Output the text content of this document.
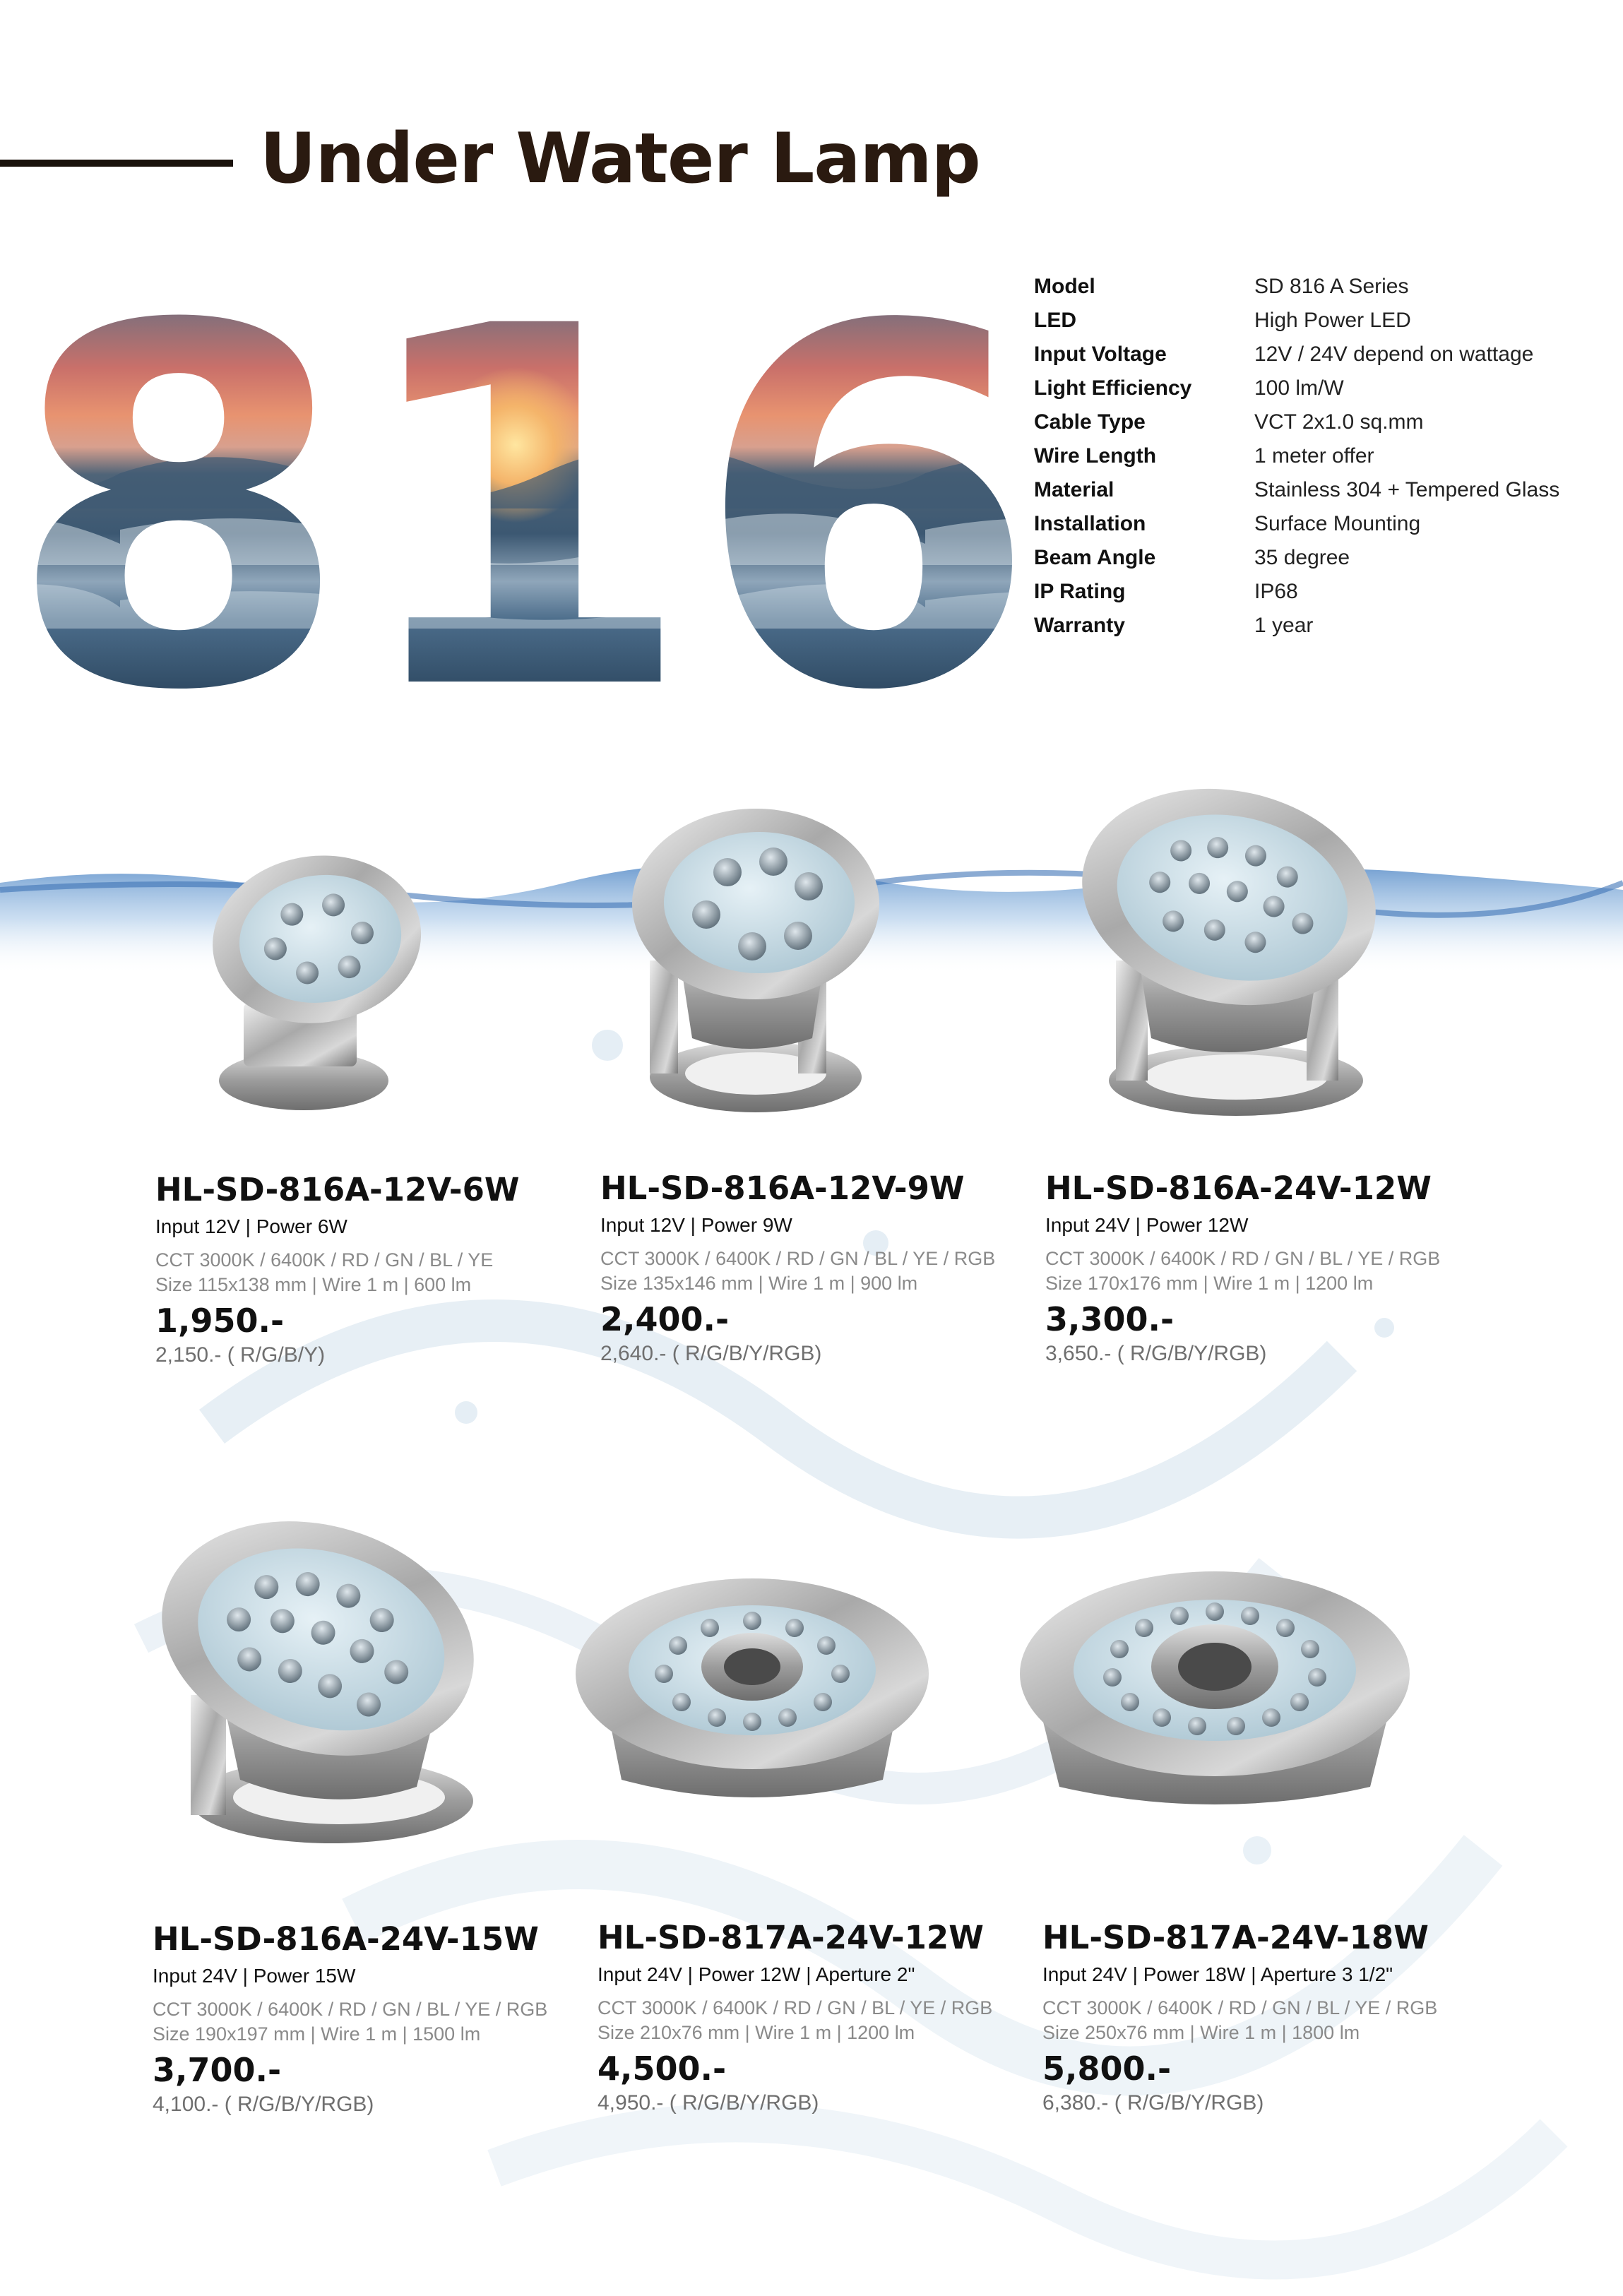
Under Water Lamp
816
Model	SD 816 A Series
LED	High Power LED
Input Voltage	12V / 24V depend on wattage
Light Efficiency	100 lm/W
Cable Type	VCT 2x1.0 sq.mm
Wire Length	1 meter offer
Material	Stainless 304 + Tempered Glass
Installation	Surface Mounting
Beam Angle	35 degree
IP Rating	IP68
Warranty	1 year
HL-SD-816A-12V-6W
Input 12V | Power 6W
CCT 3000K / 6400K / RD / GN / BL / YE
Size 115x138 mm | Wire 1 m | 600 lm
1,950.-
2,150.- ( R/G/B/Y)
HL-SD-816A-12V-9W
Input 12V | Power 9W
CCT 3000K / 6400K / RD / GN / BL / YE / RGB
Size 135x146 mm | Wire 1 m | 900 lm
2,400.-
2,640.- ( R/G/B/Y/RGB)
HL-SD-816A-24V-12W
Input 24V | Power 12W
CCT 3000K / 6400K / RD / GN / BL / YE / RGB
Size 170x176 mm | Wire 1 m | 1200 lm
3,300.-
3,650.- ( R/G/B/Y/RGB)
HL-SD-816A-24V-15W
Input 24V | Power 15W
CCT 3000K / 6400K / RD / GN / BL / YE / RGB
Size 190x197 mm | Wire 1 m | 1500 lm
3,700.-
4,100.- ( R/G/B/Y/RGB)
HL-SD-817A-24V-12W
Input 24V | Power 12W | Aperture 2"
CCT 3000K / 6400K / RD / GN / BL / YE / RGB
Size 210x76 mm | Wire 1 m | 1200 lm
4,500.-
4,950.- ( R/G/B/Y/RGB)
HL-SD-817A-24V-18W
Input 24V | Power 18W | Aperture 3 1/2"
CCT 3000K / 6400K / RD / GN / BL / YE / RGB
Size 250x76 mm | Wire 1 m | 1800 lm
5,800.-
6,380.- ( R/G/B/Y/RGB)
